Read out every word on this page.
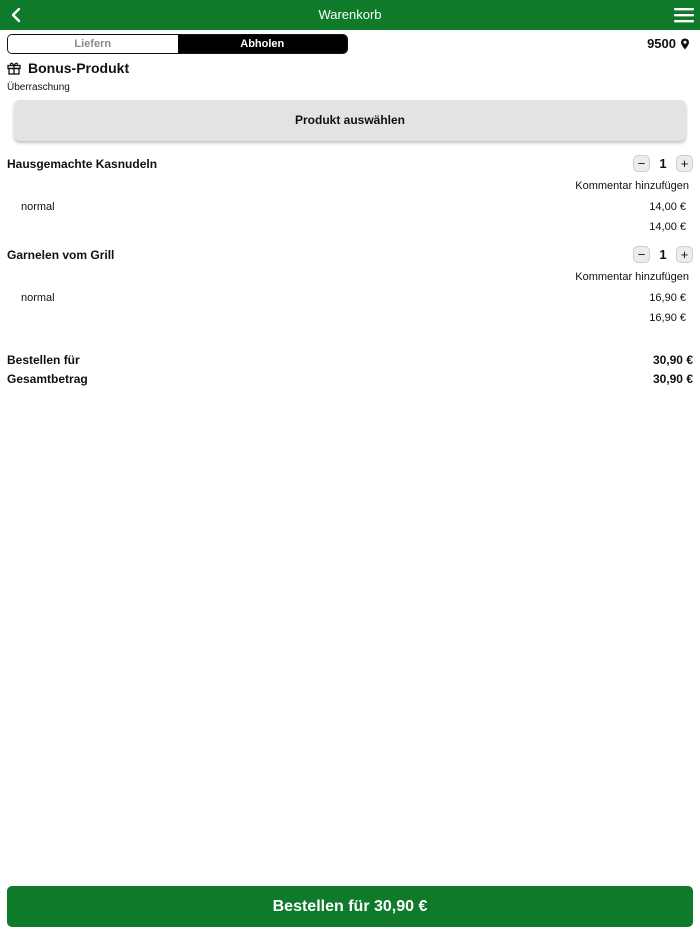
Warenkorb
Liefern	Abholen	9500
Bonus-Produkt
Überraschung
Produkt auswählen
Hausgemachte Kasnudeln	−	1	+
Kommentar hinzufügen
normal	14,00 €
14,00 €
Garnelen vom Grill	−	1	+
Kommentar hinzufügen
normal	16,90 €
16,90 €
Bestellen für	30,90 €
Gesamtbetrag	30,90 €
Bestellen für 30,90 €
